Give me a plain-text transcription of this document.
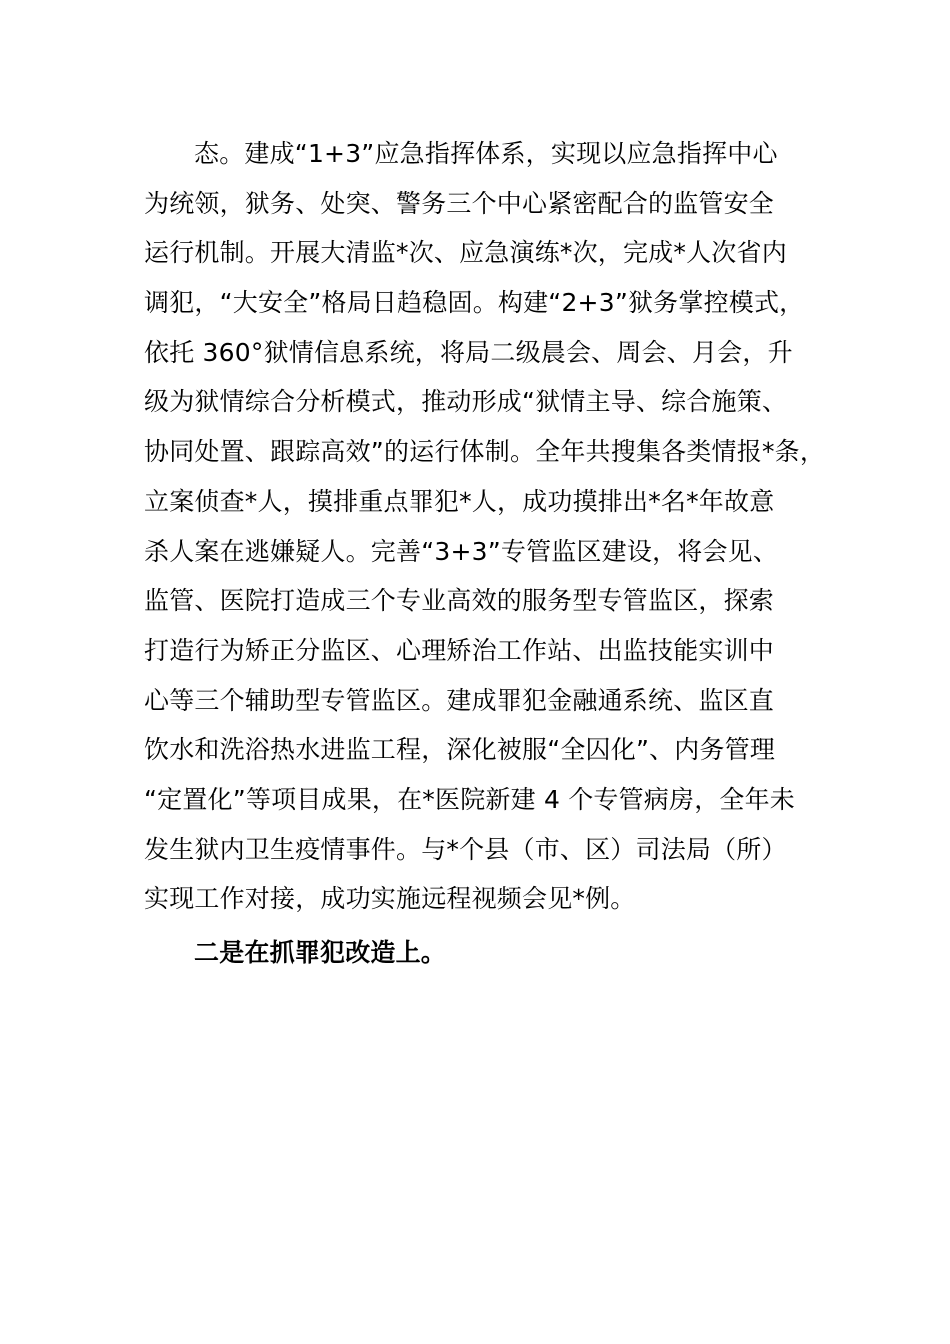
态。建成“1+3”应急指挥体系，实现以应急指挥中心
为统领，狱务、处突、警务三个中心紧密配合的监管安全
运行机制。开展大清监*次、应急演练*次，完成*人次省内
调犯，“大安全”格局日趋稳固。构建“2+3”狱务掌控模式，
依托 360°狱情信息系统，将局二级晨会、周会、月会，升
级为狱情综合分析模式，推动形成“狱情主导、综合施策、
协同处置、跟踪高效”的运行体制。全年共搜集各类情报*条，
立案侦查*人，摸排重点罪犯*人，成功摸排出*名*年故意
杀人案在逃嫌疑人。完善“3+3”专管监区建设，将会见、
监管、医院打造成三个专业高效的服务型专管监区，探索
打造行为矫正分监区、心理矫治工作站、出监技能实训中
心等三个辅助型专管监区。建成罪犯金融通系统、监区直
饮水和洗浴热水进监工程，深化被服“全囚化”、内务管理
“定置化”等项目成果，在*医院新建 4 个专管病房，全年未
发生狱内卫生疫情事件。与*个县（市、区）司法局（所）
实现工作对接，成功实施远程视频会见*例。
二是在抓罪犯改造上。
